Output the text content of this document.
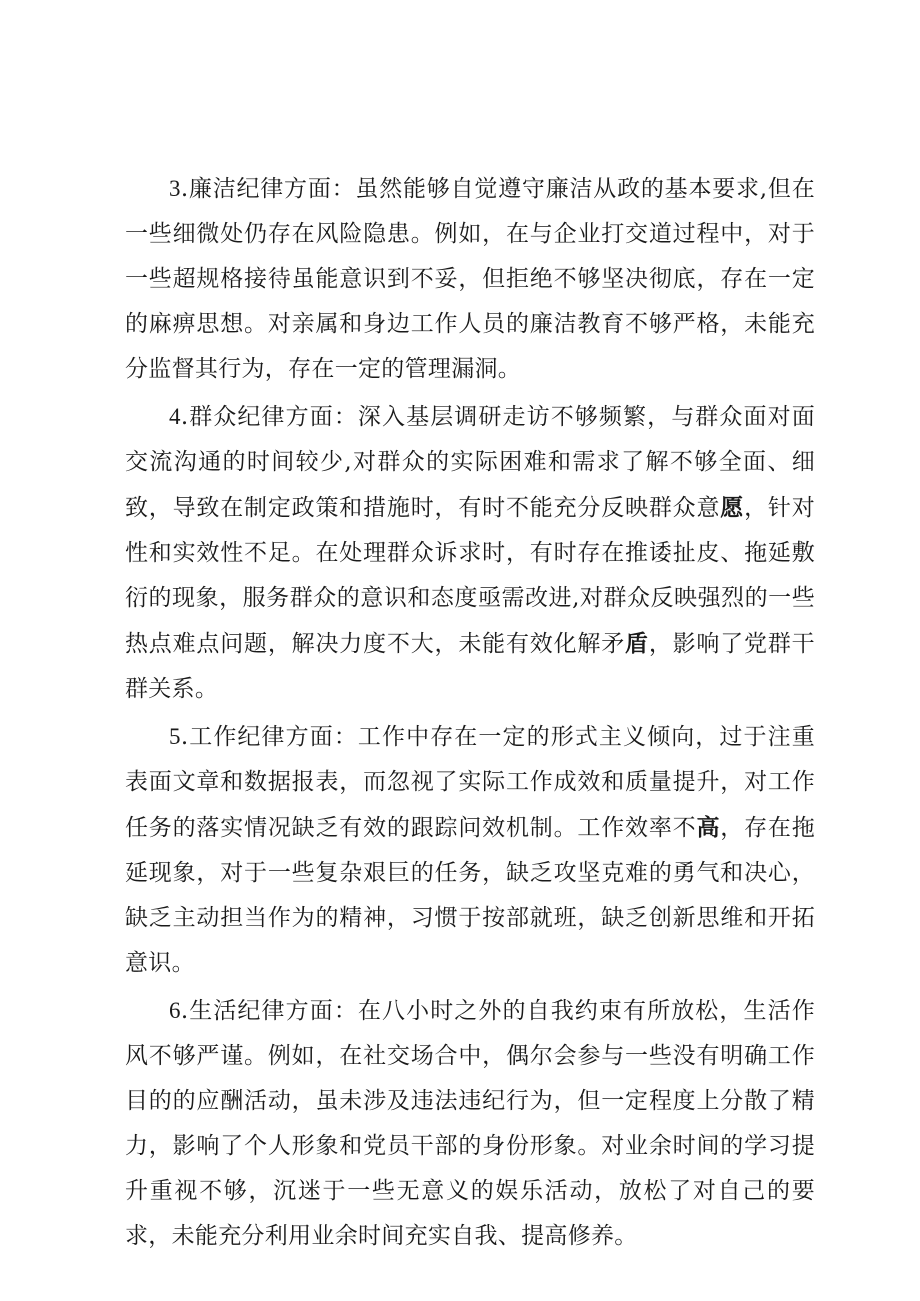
3.廉洁纪律方面：虽然能够自觉遵守廉洁从政的基本要求,但在一些细微处仍存在风险隐患。例如，在与企业打交道过程中，对于一些超规格接待虽能意识到不妥，但拒绝不够坚决彻底，存在一定的麻痹思想。对亲属和身边工作人员的廉洁教育不够严格，未能充分监督其行为，存在一定的管理漏洞。

4.群众纪律方面：深入基层调研走访不够频繁，与群众面对面交流沟通的时间较少,对群众的实际困难和需求了解不够全面、细致，导致在制定政策和措施时，有时不能充分反映群众意愿，针对性和实效性不足。在处理群众诉求时，有时存在推诿扯皮、拖延敷衍的现象，服务群众的意识和态度亟需改进,对群众反映强烈的一些热点难点问题，解决力度不大，未能有效化解矛盾，影响了党群干群关系。

5.工作纪律方面：工作中存在一定的形式主义倾向，过于注重表面文章和数据报表，而忽视了实际工作成效和质量提升，对工作任务的落实情况缺乏有效的跟踪问效机制。工作效率不高，存在拖延现象，对于一些复杂艰巨的任务，缺乏攻坚克难的勇气和决心，缺乏主动担当作为的精神，习惯于按部就班，缺乏创新思维和开拓意识。

6.生活纪律方面：在八小时之外的自我约束有所放松，生活作风不够严谨。例如，在社交场合中，偶尔会参与一些没有明确工作目的的应酬活动，虽未涉及违法违纪行为，但一定程度上分散了精力，影响了个人形象和党员干部的身份形象。对业余时间的学习提升重视不够，沉迷于一些无意义的娱乐活动，放松了对自己的要求，未能充分利用业余时间充实自我、提高修养。
